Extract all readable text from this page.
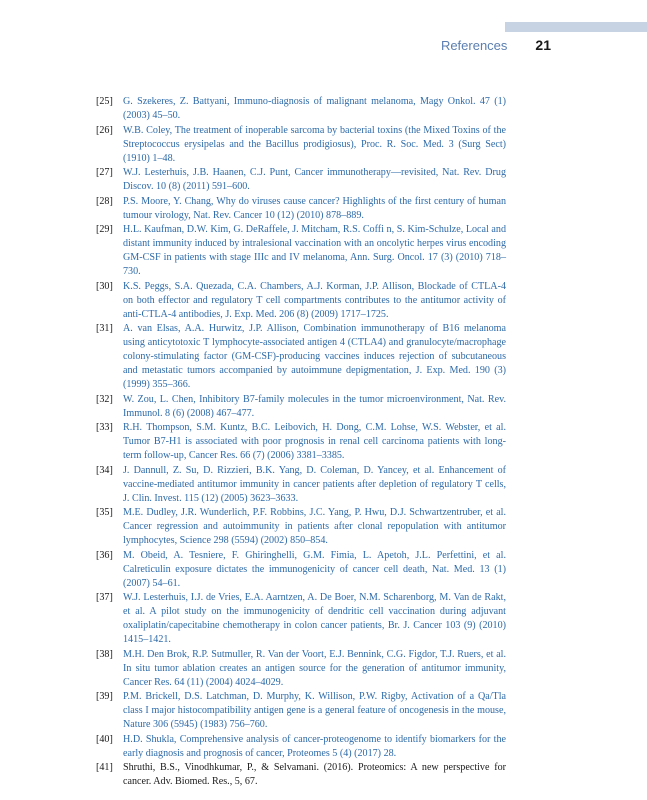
References 21
[25] G. Szekeres, Z. Battyani, Immuno-diagnosis of malignant melanoma, Magy Onkol. 47 (1) (2003) 45–50.
[26] W.B. Coley, The treatment of inoperable sarcoma by bacterial toxins (the Mixed Toxins of the Streptococcus erysipelas and the Bacillus prodigiosus), Proc. R. Soc. Med. 3 (Surg Sect) (1910) 1–48.
[27] W.J. Lesterhuis, J.B. Haanen, C.J. Punt, Cancer immunotherapy—revisited, Nat. Rev. Drug Discov. 10 (8) (2011) 591–600.
[28] P.S. Moore, Y. Chang, Why do viruses cause cancer? Highlights of the first century of human tumour virology, Nat. Rev. Cancer 10 (12) (2010) 878–889.
[29] H.L. Kaufman, D.W. Kim, G. DeRaffele, J. Mitcham, R.S. Coffi n, S. Kim-Schulze, Local and distant immunity induced by intralesional vaccination with an oncolytic herpes virus encoding GM-CSF in patients with stage IIIc and IV melanoma, Ann. Surg. Oncol. 17 (3) (2010) 718–730.
[30] K.S. Peggs, S.A. Quezada, C.A. Chambers, A.J. Korman, J.P. Allison, Blockade of CTLA-4 on both effector and regulatory T cell compartments contributes to the antitumor activity of anti-CTLA-4 antibodies, J. Exp. Med. 206 (8) (2009) 1717–1725.
[31] A. van Elsas, A.A. Hurwitz, J.P. Allison, Combination immunotherapy of B16 melanoma using anticytotoxic T lymphocyte-associated antigen 4 (CTLA4) and granulocyte/macrophage colony-stimulating factor (GM-CSF)-producing vaccines induces rejection of subcutaneous and metastatic tumors accompanied by autoimmune depigmentation, J. Exp. Med. 190 (3) (1999) 355–366.
[32] W. Zou, L. Chen, Inhibitory B7-family molecules in the tumor microenvironment, Nat. Rev. Immunol. 8 (6) (2008) 467–477.
[33] R.H. Thompson, S.M. Kuntz, B.C. Leibovich, H. Dong, C.M. Lohse, W.S. Webster, et al. Tumor B7-H1 is associated with poor prognosis in renal cell carcinoma patients with long-term follow-up, Cancer Res. 66 (7) (2006) 3381–3385.
[34] J. Dannull, Z. Su, D. Rizzieri, B.K. Yang, D. Coleman, D. Yancey, et al. Enhancement of vaccine-mediated antitumor immunity in cancer patients after depletion of regulatory T cells, J. Clin. Invest. 115 (12) (2005) 3623–3633.
[35] M.E. Dudley, J.R. Wunderlich, P.F. Robbins, J.C. Yang, P. Hwu, D.J. Schwartzentruber, et al. Cancer regression and autoimmunity in patients after clonal repopulation with antitumor lymphocytes, Science 298 (5594) (2002) 850–854.
[36] M. Obeid, A. Tesniere, F. Ghiringhelli, G.M. Fimia, L. Apetoh, J.L. Perfettini, et al. Calreticulin exposure dictates the immunogenicity of cancer cell death, Nat. Med. 13 (1) (2007) 54–61.
[37] W.J. Lesterhuis, I.J. de Vries, E.A. Aarntzen, A. De Boer, N.M. Scharenborg, M. Van de Rakt, et al. A pilot study on the immunogenicity of dendritic cell vaccination during adjuvant oxaliplatin/capecitabine chemotherapy in colon cancer patients, Br. J. Cancer 103 (9) (2010) 1415–1421.
[38] M.H. Den Brok, R.P. Sutmuller, R. Van der Voort, E.J. Bennink, C.G. Figdor, T.J. Ruers, et al. In situ tumor ablation creates an antigen source for the generation of antitumor immunity, Cancer Res. 64 (11) (2004) 4024–4029.
[39] P.M. Brickell, D.S. Latchman, D. Murphy, K. Willison, P.W. Rigby, Activation of a Qa/Tla class I major histocompatibility antigen gene is a general feature of oncogenesis in the mouse, Nature 306 (5945) (1983) 756–760.
[40] H.D. Shukla, Comprehensive analysis of cancer-proteogenome to identify biomarkers for the early diagnosis and prognosis of cancer, Proteomes 5 (4) (2017) 28.
[41] Shruthi, B.S., Vinodhkumar, P., & Selvamani. (2016). Proteomics: A new perspective for cancer. Adv. Biomed. Res., 5, 67.
